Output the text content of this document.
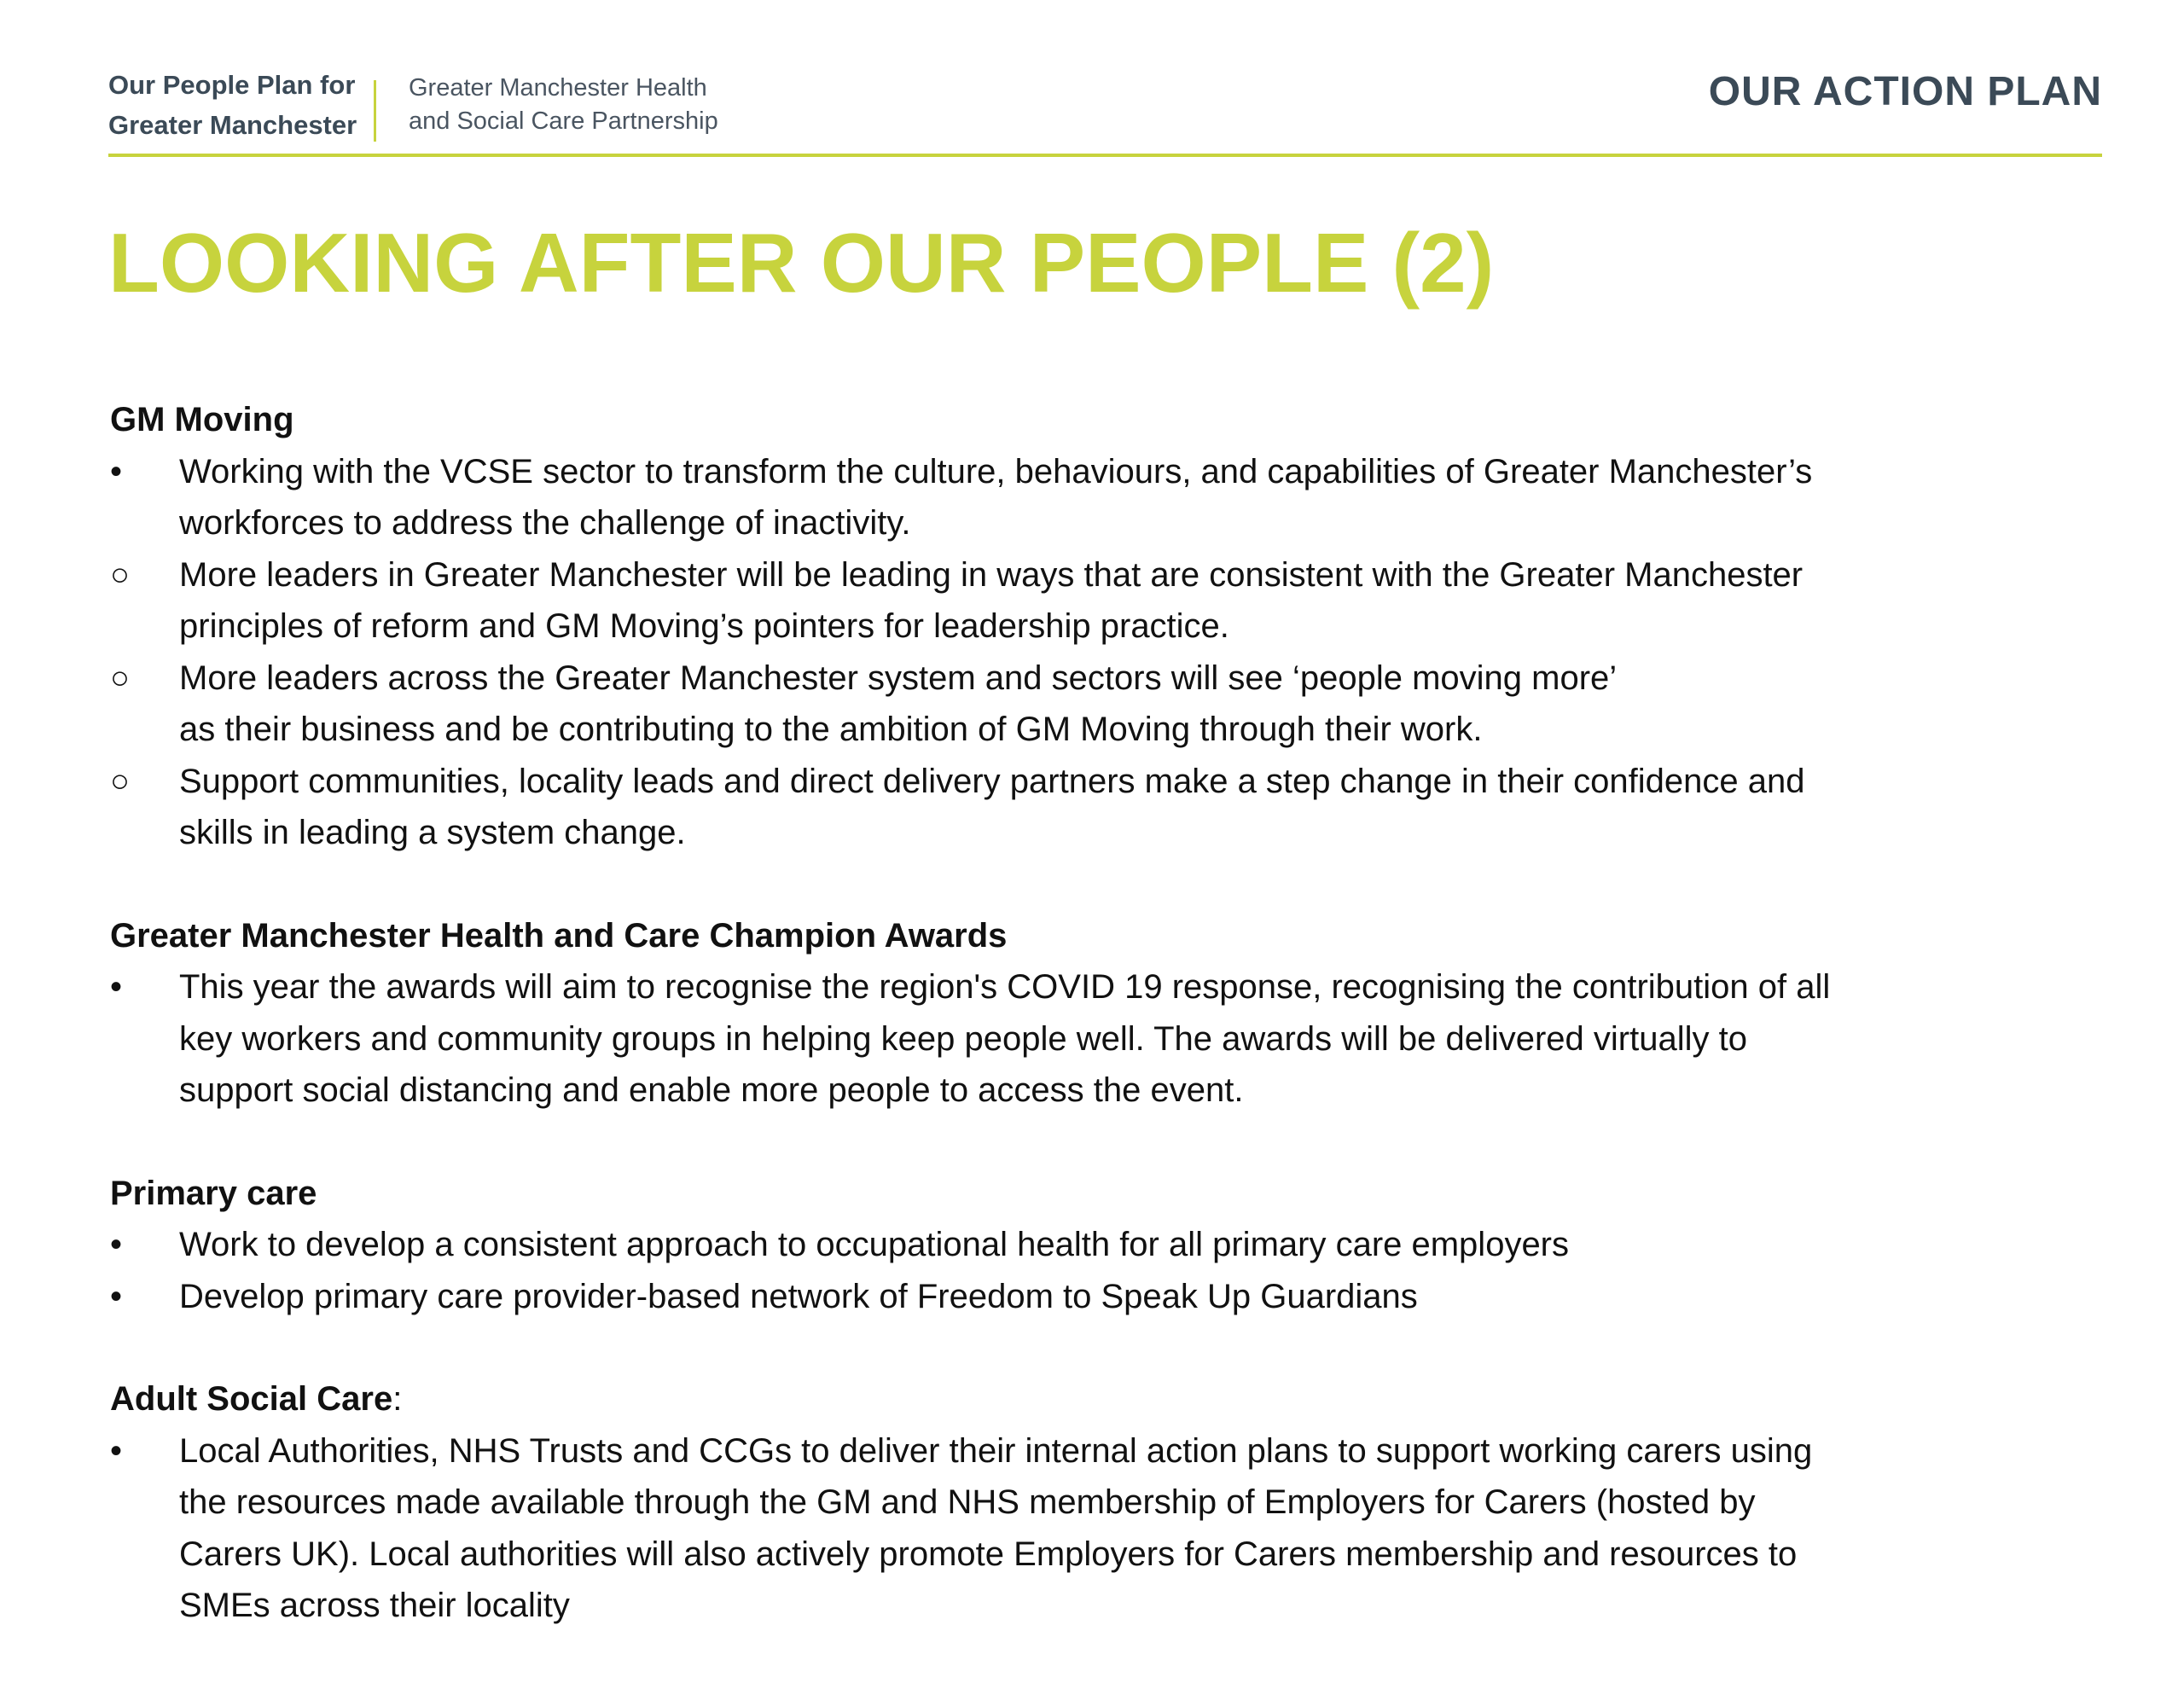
Our People Plan for
Greater Manchester
Greater Manchester Health
and Social Care Partnership
OUR ACTION PLAN
LOOKING AFTER OUR PEOPLE (2)
GM Moving
•	Working with the VCSE sector to transform the culture, behaviours, and capabilities of Greater Manchester’s
workforces to address the challenge of inactivity.
○	More leaders in Greater Manchester will be leading in ways that are consistent with the Greater Manchester
principles of reform and GM Moving’s pointers for leadership practice.
○	More leaders across the Greater Manchester system and sectors will see ‘people moving more’
as their business and be contributing to the ambition of GM Moving through their work.
○	Support communities, locality leads and direct delivery partners make a step change in their confidence and
skills in leading a system change.
Greater Manchester Health and Care Champion Awards
•	This year the awards will aim to recognise the region's COVID 19 response, recognising the contribution of all
key workers and community groups in helping keep people well. The awards will be delivered virtually to
support social distancing and enable more people to access the event.
Primary care
•	Work to develop a consistent approach to occupational health for all primary care employers
•	Develop primary care provider-based network of Freedom to Speak Up Guardians
Adult Social Care:
•	Local Authorities, NHS Trusts and CCGs to deliver their internal action plans to support working carers using
the resources made available through the GM and NHS membership of Employers for Carers (hosted by
Carers UK). Local authorities will also actively promote Employers for Carers membership and resources to
SMEs across their locality
